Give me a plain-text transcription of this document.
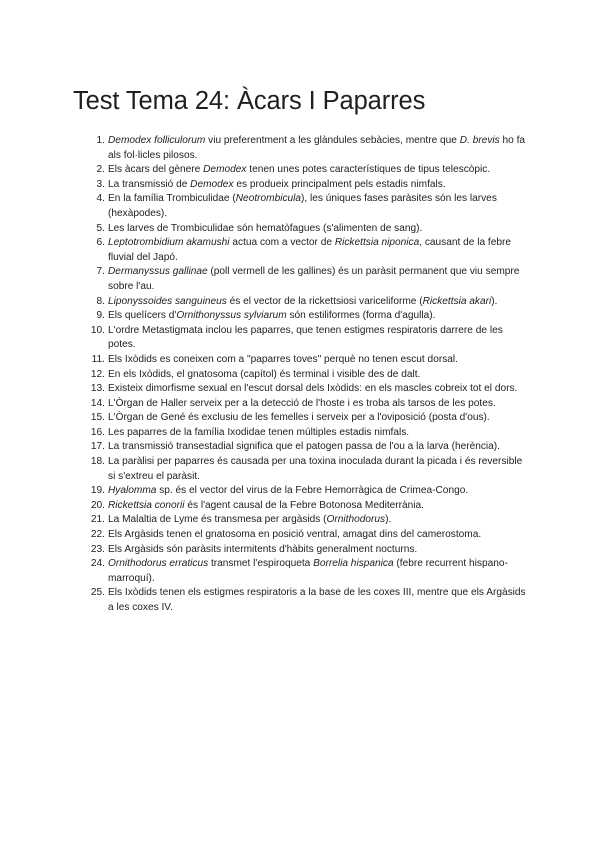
Test Tema 24: Àcars I Paparres
1. Demodex folliculorum viu preferentment a les glàndules sebàcies, mentre que D. brevis ho fa als fol·licles pilosos.
2. Els àcars del gènere Demodex tenen unes potes característiques de tipus telescòpic.
3. La transmissió de Demodex es produeix principalment pels estadis nimfals.
4. En la família Trombiculidae (Neotrombicula), les úniques fases paràsites són les larves (hexàpodes).
5. Les larves de Trombiculidae són hematòfagues (s'alimenten de sang).
6. Leptotrombidium akamushi actua com a vector de Rickettsia niponica, causant de la febre fluvial del Japó.
7. Dermanyssus gallinae (poll vermell de les gallines) és un paràsit permanent que viu sempre sobre l'au.
8. Liponyssoides sanguineus és el vector de la rickettsiosi variceliforme (Rickettsia akari).
9. Els quelícers d'Ornithonyssus sylviarum són estiliformes (forma d'agulla).
10. L'ordre Metastigmata inclou les paparres, que tenen estigmes respiratoris darrere de les potes.
11. Els Ixòdids es coneixen com a "paparres toves" perquè no tenen escut dorsal.
12. En els Ixòdids, el gnatosoma (capítol) és terminal i visible des de dalt.
13. Existeix dimorfisme sexual en l'escut dorsal dels Ixòdids: en els mascles cobreix tot el dors.
14. L'Òrgan de Haller serveix per a la detecció de l'hoste i es troba als tarsos de les potes.
15. L'Òrgan de Gené és exclusiu de les femelles i serveix per a l'oviposició (posta d'ous).
16. Les paparres de la família Ixodidae tenen múltiples estadis nimfals.
17. La transmissió transestadial significa que el patogen passa de l'ou a la larva (herència).
18. La paràlisi per paparres és causada per una toxina inoculada durant la picada i és reversible si s'extreu el paràsit.
19. Hyalomma sp. és el vector del virus de la Febre Hemorràgica de Crimea-Congo.
20. Rickettsia conorii és l'agent causal de la Febre Botonosa Mediterrània.
21. La Malaltia de Lyme és transmesa per argàsids (Ornithodorus).
22. Els Argàsids tenen el gnatosoma en posició ventral, amagat dins del camerostoma.
23. Els Argàsids són paràsits intermitents d'hàbits generalment nocturns.
24. Ornithodorus erraticus transmet l'espiroqueta Borrelia hispanica (febre recurrent hispano-marroquí).
25. Els Ixòdids tenen els estigmes respiratoris a la base de les coxes III, mentre que els Argàsids a les coxes IV.
